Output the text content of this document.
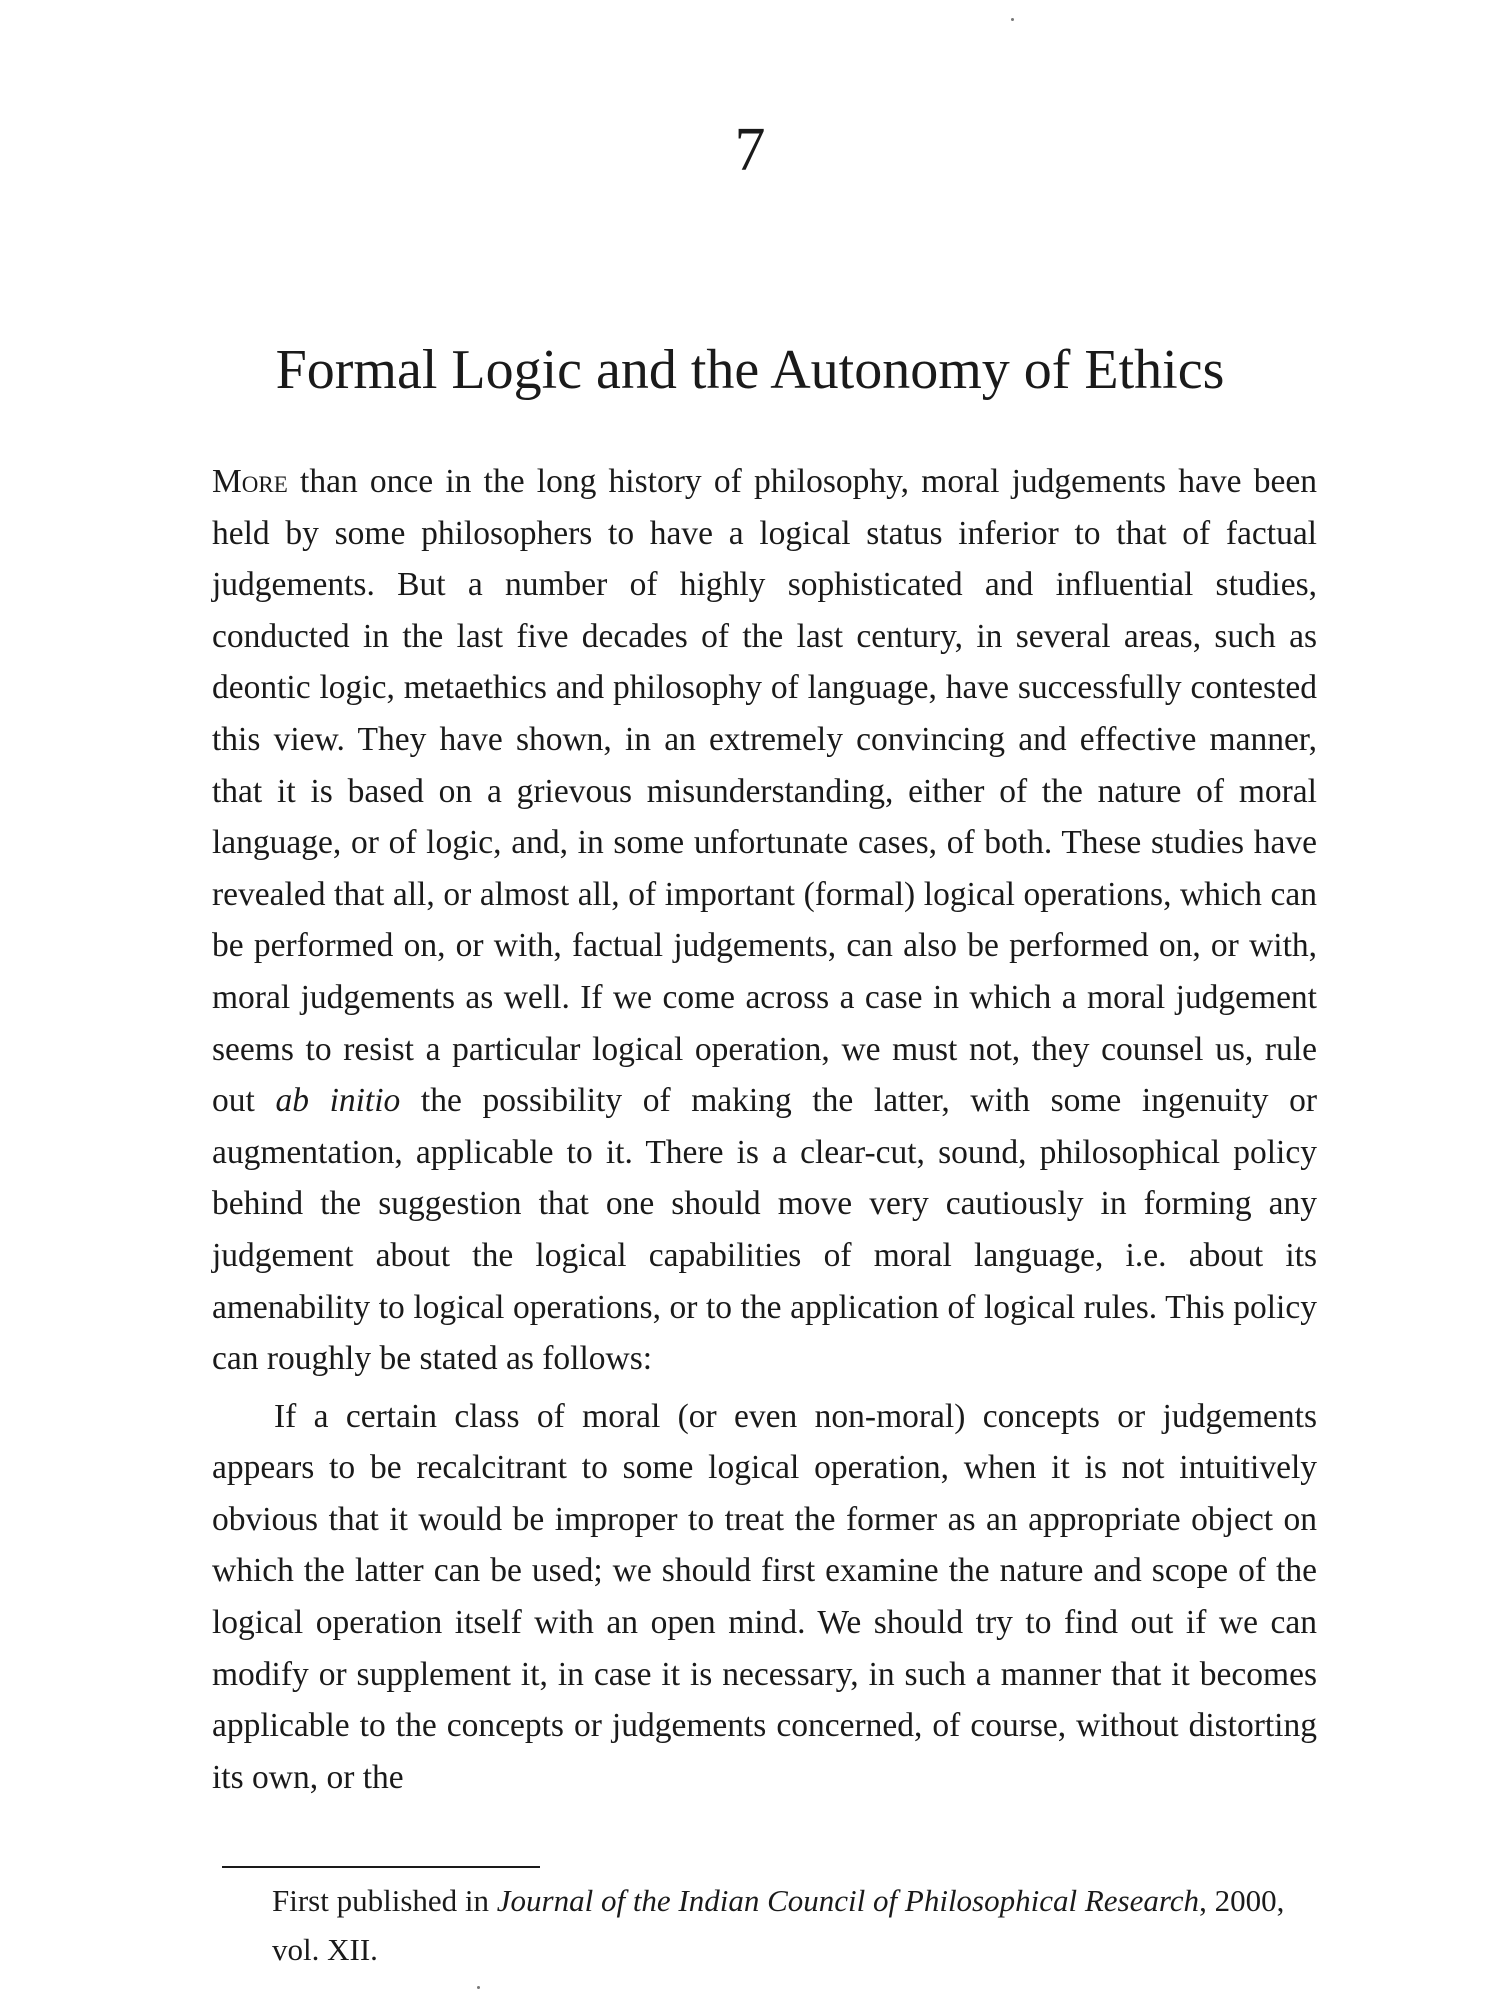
7
Formal Logic and the Autonomy of Ethics

More than once in the long history of philosophy, moral judgements have been held by some philosophers to have a logical status inferior to that of factual judgements. But a number of highly sophisticated and influential studies, conducted in the last five decades of the last century, in several areas, such as deontic logic, metaethics and philosophy of language, have successfully contested this view. They have shown, in an extremely convincing and effective manner, that it is based on a grievous misunderstanding, either of the nature of moral language, or of logic, and, in some unfortunate cases, of both. These studies have revealed that all, or almost all, of important (formal) logical operations, which can be performed on, or with, factual judgements, can also be performed on, or with, moral judgements as well. If we come across a case in which a moral judgement seems to resist a particular logical operation, we must not, they counsel us, rule out ab initio the possibility of making the latter, with some ingenuity or augmentation, applicable to it. There is a clear-cut, sound, philosophical policy behind the suggestion that one should move very cautiously in forming any judgement about the logical capabilities of moral language, i.e. about its amenability to logical operations, or to the application of logical rules. This policy can roughly be stated as follows:

If a certain class of moral (or even non-moral) concepts or judgements appears to be recalcitrant to some logical operation, when it is not intuitively obvious that it would be improper to treat the former as an appropriate object on which the latter can be used; we should first examine the nature and scope of the logical operation itself with an open mind. We should try to find out if we can modify or supplement it, in case it is necessary, in such a manner that it becomes applicable to the concepts or judgements concerned, of course, without distorting its own, or the

First published in Journal of the Indian Council of Philosophical Research, 2000, vol. XII.
